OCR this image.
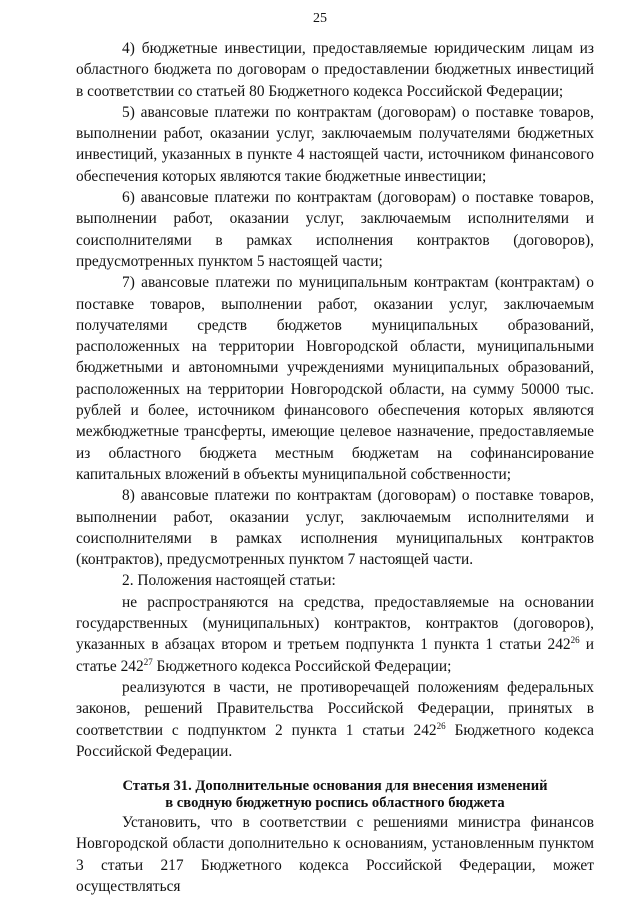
25

4) бюджетные инвестиции, предоставляемые юридическим лицам из областного бюджета по договорам о предоставлении бюджетных инвестиций в соответствии со статьей 80 Бюджетного кодекса Российской Федерации;

5) авансовые платежи по контрактам (договорам) о поставке товаров, выполнении работ, оказании услуг, заключаемым получателями бюджетных инвестиций, указанных в пункте 4 настоящей части, источником финансового обеспечения которых являются такие бюджетные инвестиции;

6) авансовые платежи по контрактам (договорам) о поставке товаров, выполнении работ, оказании услуг, заключаемым исполнителями и соисполнителями в рамках исполнения контрактов (договоров), предусмотренных пунктом 5 настоящей части;

7) авансовые платежи по муниципальным контрактам (контрактам) о поставке товаров, выполнении работ, оказании услуг, заключаемым получателями средств бюджетов муниципальных образований, расположенных на территории Новгородской области, муниципальными бюджетными и автономными учреждениями муниципальных образований, расположенных на территории Новгородской области, на сумму 50000 тыс. рублей и более, источником финансового обеспечения которых являются межбюджетные трансферты, имеющие целевое назначение, предоставляемые из областного бюджета местным бюджетам на софинансирование капитальных вложений в объекты муниципальной собственности;

8) авансовые платежи по контрактам (договорам) о поставке товаров, выполнении работ, оказании услуг, заключаемым исполнителями и соисполнителями в рамках исполнения муниципальных контрактов (контрактов), предусмотренных пунктом 7 настоящей части.

2. Положения настоящей статьи:

не распространяются на средства, предоставляемые на основании государственных (муниципальных) контрактов, контрактов (договоров), указанных в абзацах втором и третьем подпункта 1 пункта 1 статьи $242^{26}$ и статье $242^{27}$ Бюджетного кодекса Российской Федерации;

реализуются в части, не противоречащей положениям федеральных законов, решений Правительства Российской Федерации, принятых в соответствии с подпунктом 2 пункта 1 статьи $242^{26}$ Бюджетного кодекса Российской Федерации.

Статья 31. Дополнительные основания для внесения изменений
в сводную бюджетную роспись областного бюджета

Установить, что в соответствии с решениями министра финансов Новгородской области дополнительно к основаниям, установленным пунктом 3 статьи 217 Бюджетного кодекса Российской Федерации, может осуществляться
